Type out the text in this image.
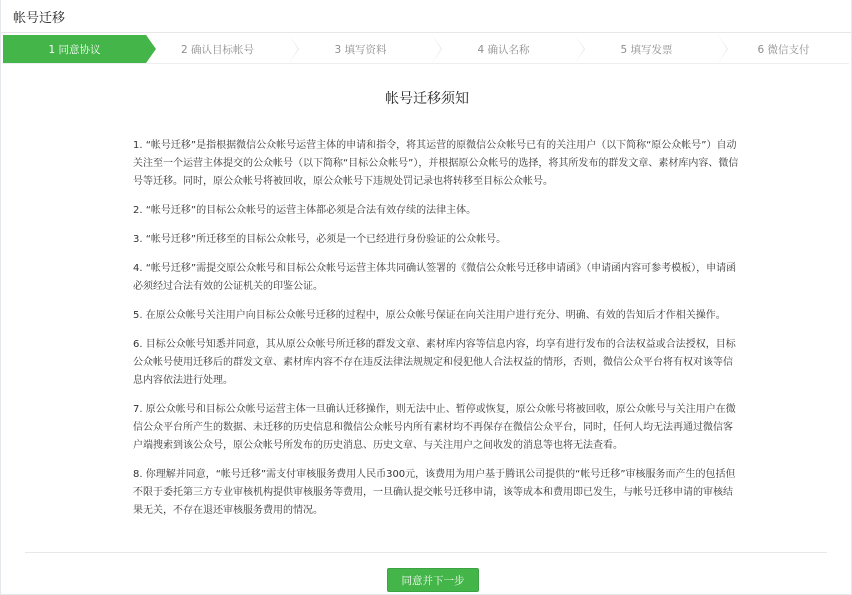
帐号迁移
1 同意协议	2 确认目标帐号	3 填写资料	4 确认名称	5 填写发票	6 微信支付
帐号迁移须知

1. “帐号迁移”是指根据微信公众帐号运营主体的申请和指令，将其运营的原微信公众帐号已有的关注用户（以下简称“原公众帐号”）自动关注至一个运营主体提交的公众帐号（以下简称“目标公众帐号”），并根据原公众帐号的选择，将其所发布的群发文章、素材库内容、微信号等迁移。同时，原公众帐号将被回收，原公众帐号下违规处罚记录也将转移至目标公众帐号。

2. “帐号迁移”的目标公众帐号的运营主体都必须是合法有效存续的法律主体。

3. “帐号迁移”所迁移至的目标公众帐号，必须是一个已经进行身份验证的公众帐号。

4. “帐号迁移”需提交原公众帐号和目标公众帐号运营主体共同确认签署的《微信公众帐号迁移申请函》（申请函内容可参考模板），申请函必须经过合法有效的公证机关的印鉴公证。

5. 在原公众帐号关注用户向目标公众帐号迁移的过程中，原公众帐号保证在向关注用户进行充分、明确、有效的告知后才作相关操作。

6. 目标公众帐号知悉并同意，其从原公众帐号所迁移的群发文章、素材库内容等信息内容，均享有进行发布的合法权益或合法授权，目标公众帐号使用迁移后的群发文章、素材库内容不存在违反法律法规规定和侵犯他人合法权益的情形，否则，微信公众平台将有权对该等信息内容依法进行处理。

7. 原公众帐号和目标公众帐号运营主体一旦确认迁移操作，则无法中止、暂停或恢复，原公众帐号将被回收，原公众帐号与关注用户在微信公众平台所产生的数据、未迁移的历史信息和微信公众帐号内所有素材均不再保存在微信公众平台，同时，任何人均无法再通过微信客户端搜索到该公众号，原公众帐号所发布的历史消息、历史文章、与关注用户之间收发的消息等也将无法查看。

8. 你理解并同意，“帐号迁移”需支付审核服务费用人民币300元，该费用为用户基于腾讯公司提供的“帐号迁移”审核服务而产生的包括但不限于委托第三方专业审核机构提供审核服务等费用，一旦确认提交帐号迁移申请，该等成本和费用即已发生，与帐号迁移申请的审核结果无关，不存在退还审核服务费用的情况。

同意并下一步
